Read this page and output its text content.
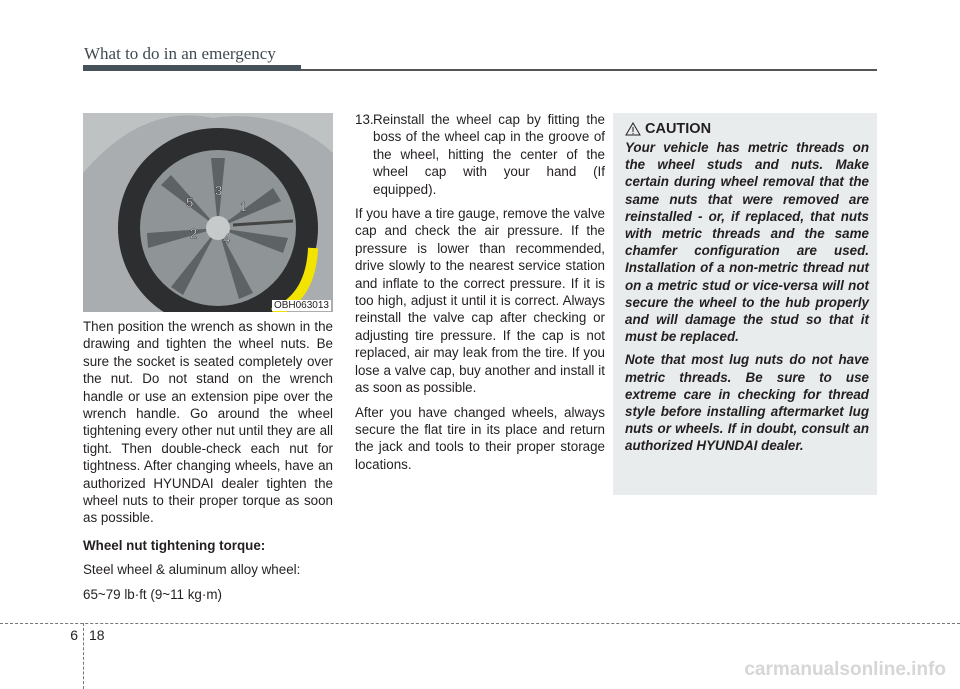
What to do in an emergency
1
2
3
4
5
OBH063013

Then position the wrench as shown in the drawing and tighten the wheel nuts. Be sure the socket is seated completely over the nut. Do not stand on the wrench handle or use an extension pipe over the wrench handle. Go around the wheel tightening every other nut until they are all tight. Then double-check each nut for tightness. After changing wheels, have an authorized HYUNDAI dealer tighten the wheel nuts to their proper torque as soon as possible.

Wheel nut tightening torque:

Steel wheel & aluminum alloy wheel:

65~79 lb·ft (9~11 kg·m)

13. Reinstall the wheel cap by fitting the boss of the wheel cap in the groove of the wheel, hitting the center of the wheel cap with your hand (If equipped).

If you have a tire gauge, remove the valve cap and check the air pressure. If the pressure is lower than recommended, drive slowly to the nearest service station and inflate to the correct pressure. If it is too high, adjust it until it is correct. Always reinstall the valve cap after checking or adjusting tire pressure. If the cap is not replaced, air may leak from the tire. If you lose a valve cap, buy another and install it as soon as possible.

After you have changed wheels, always secure the flat tire in its place and return the jack and tools to their proper storage locations.

CAUTION

Your vehicle has metric threads on the wheel studs and nuts. Make certain during wheel removal that the same nuts that were removed are reinstalled - or, if replaced, that nuts with metric threads and the same chamfer configuration are used. Installation of a non-metric thread nut on a metric stud or vice-versa will not secure the wheel to the hub properly and will damage the stud so that it must be replaced.

Note that most lug nuts do not have metric threads. Be sure to use extreme care in checking for thread style before installing aftermarket lug nuts or wheels. If in doubt, consult an authorized HYUNDAI dealer.

6 18
carmanualsonline.info
